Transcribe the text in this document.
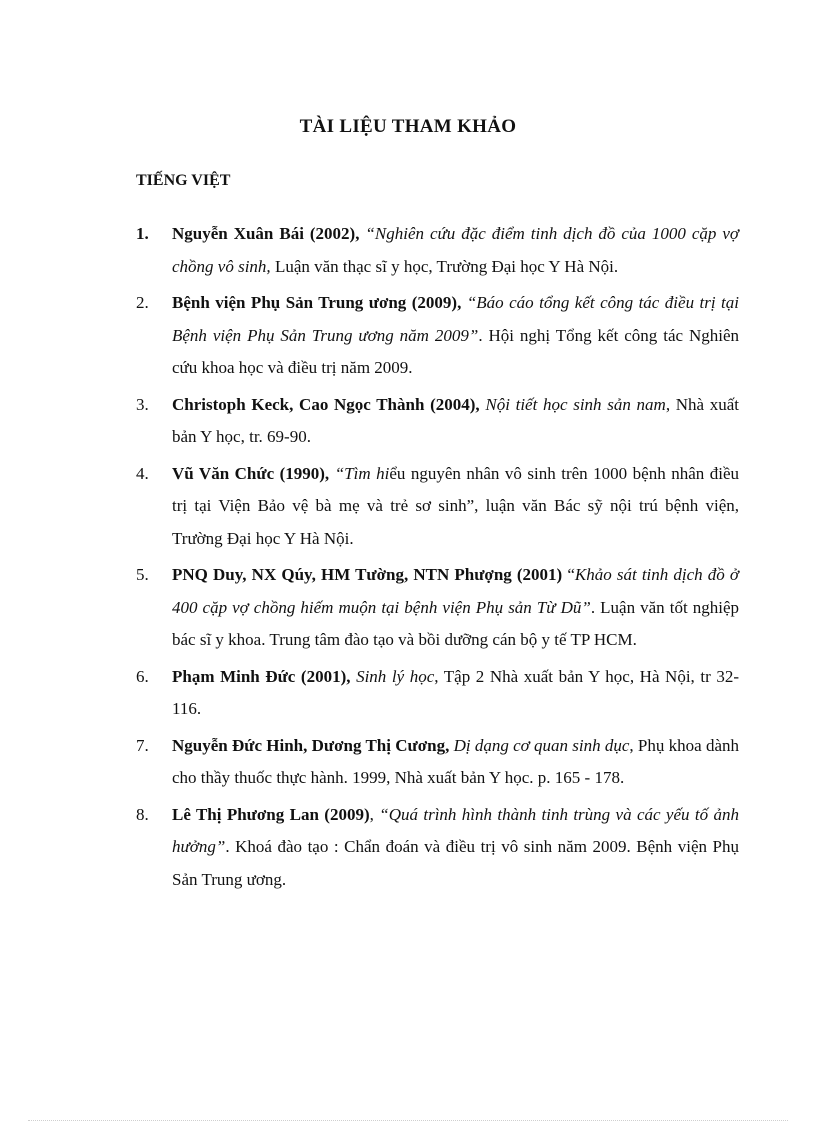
TÀI LIỆU THAM KHẢO
TIẾNG VIỆT
1. Nguyễn Xuân Bái (2002), “Nghiên cứu đặc điểm tinh dịch đồ của 1000 cặp vợ chồng vô sinh, Luận văn thạc sĩ y học, Trường Đại học Y Hà Nội.
2. Bệnh viện Phụ Sản Trung ương (2009), “Báo cáo tổng kết công tác điều trị tại Bệnh viện Phụ Sản Trung ương năm 2009”. Hội nghị Tổng kết công tác Nghiên cứu khoa học và điều trị năm 2009.
3. Christoph Keck, Cao Ngọc Thành (2004), Nội tiết học sinh sản nam, Nhà xuất bản Y học, tr. 69-90.
4. Vũ Văn Chức (1990), “Tìm hiểu nguyên nhân vô sinh trên 1000 bệnh nhân điều trị tại Viện Bảo vệ bà mẹ và trẻ sơ sinh”, luận văn Bác sỹ nội trú bệnh viện, Trường Đại học Y Hà Nội.
5. PNQ Duy, NX Qúy, HM Tường, NTN Phượng (2001) “Khảo sát tinh dịch đồ ở 400 cặp vợ chồng hiếm muộn tại bệnh viện Phụ sản Từ Dũ”. Luận văn tốt nghiệp bác sĩ y khoa. Trung tâm đào tạo và bồi dưỡng cán bộ y tế TP HCM.
6. Phạm Minh Đức (2001), Sinh lý học, Tập 2 Nhà xuất bản Y học, Hà Nội, tr 32-116.
7. Nguyễn Đức Hinh, Dương Thị Cương, Dị dạng cơ quan sinh dục, Phụ khoa dành cho thầy thuốc thực hành. 1999, Nhà xuất bản Y học. p. 165 - 178.
8. Lê Thị Phương Lan (2009), “Quá trình hình thành tinh trùng và các yếu tố ảnh hưởng”. Khoá đào tạo : Chẩn đoán và điều trị vô sinh năm 2009. Bệnh viện Phụ Sản Trung ương.
